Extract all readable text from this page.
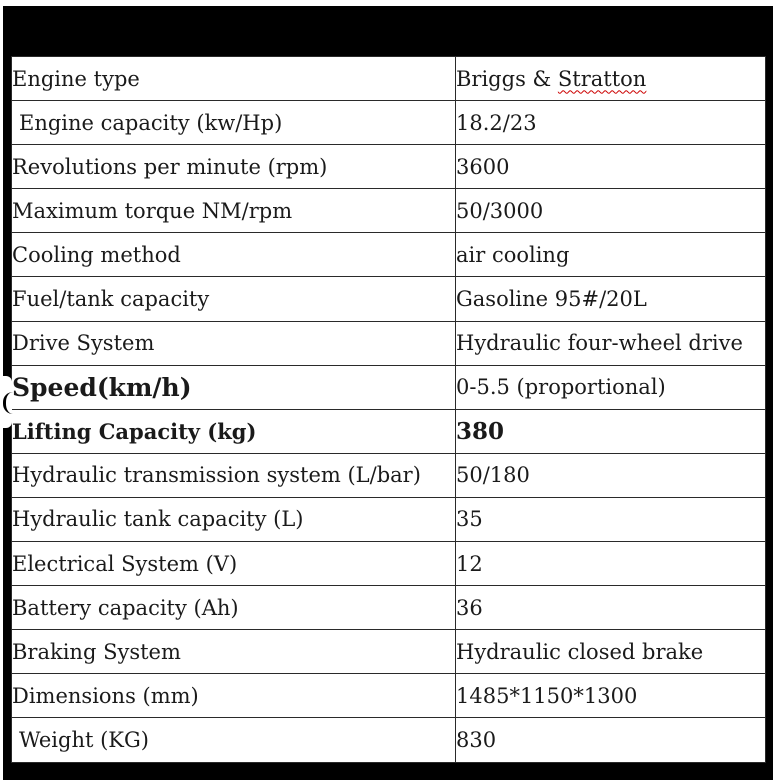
Engine type	Briggs & Stratton
Engine capacity (kw/Hp)	18.2/23
Revolutions per minute (rpm)	3600
Maximum torque NM/rpm	50/3000
Cooling method	air cooling
Fuel/tank capacity	Gasoline 95#/20L
Drive System	Hydraulic four-wheel drive
Speed(km/h)	0-5.5 (proportional)
Lifting Capacity (kg)	380
Hydraulic transmission system (L/bar)	50/180
Hydraulic tank capacity (L)	35
Electrical System (V)	12
Battery capacity (Ah)	36
Braking System	Hydraulic closed brake
Dimensions (mm)	1485*1150*1300
Weight (KG)	830
